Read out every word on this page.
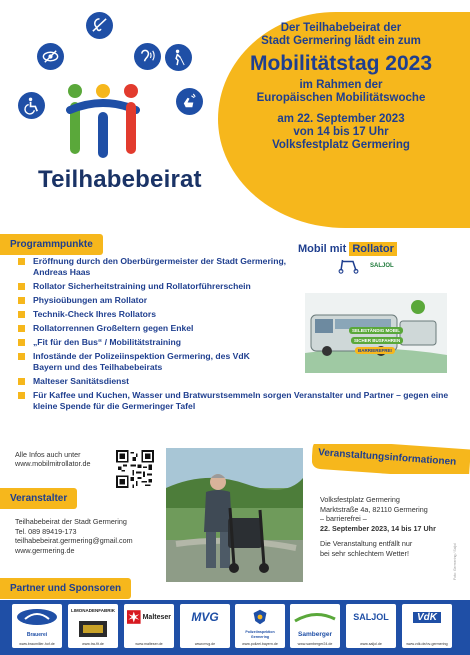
Teilhabebeirat
Der Teilhabebeirat der
Stadt Germering lädt ein zum
Mobilitätstag 2023
im Rahmen der
Europäischen Mobilitätswoche
am 22. September 2023
von 14 bis 17 Uhr
Volksfestplatz Germering
Programmpunkte
Eröffnung durch den Oberbürgermeister der Stadt Germering, Andreas Haas
Rollator Sicherheitstraining und Rollatorführerschein
Physioübungen am Rollator
Technik-Check Ihres Rollators
Rollatorrennen Großeltern gegen Enkel
„Fit für den Bus“ / Mobilitätstraining
Infostände der Polizeiinspektion Germering, des VdK Bayern und des Teilhabebeirats
Malteser Sanitätsdienst
Für Kaffee und Kuchen, Wasser und Bratwurstsemmeln sorgen Veranstalter und Partner – gegen eine kleine Spende für die Germeringer Tafel
Mobil mit Rollator
SALJOL
SELBSTÄNDIG MOBIL
SICHER BUSFAHREN
BARRIEREFREI
Alle Infos auch unter
www.mobilmitrollator.de
Veranstalter
Teilhabebeirat der Stadt Germering
Tel. 089 89419-173
teilhabebeirat.germering@gmail.com
www.germering.de
Veranstaltungsinformationen
Volksfestplatz Germering
Marktstraße 4a, 82110 Germering
– barrierefrei –
22. September 2023, 14 bis 17 Uhr
Die Veranstaltung entfällt nur
bei sehr schlechtem Wetter!	Foto: Germering / Saljol
Partner und Sponsoren
Brauerei
www.braumiller-hof.de
LIMONADENFABRIK
www.tra-fit.de
Malteser
www.malteser.de
MVG
www.mvg.de
Polizeiinspektion Germering
www.polizei.bayern.de
Samberger
www.samberger24.de
SALJOL
www.saljol.de
VdK
www.vdk.de/ov-germering
